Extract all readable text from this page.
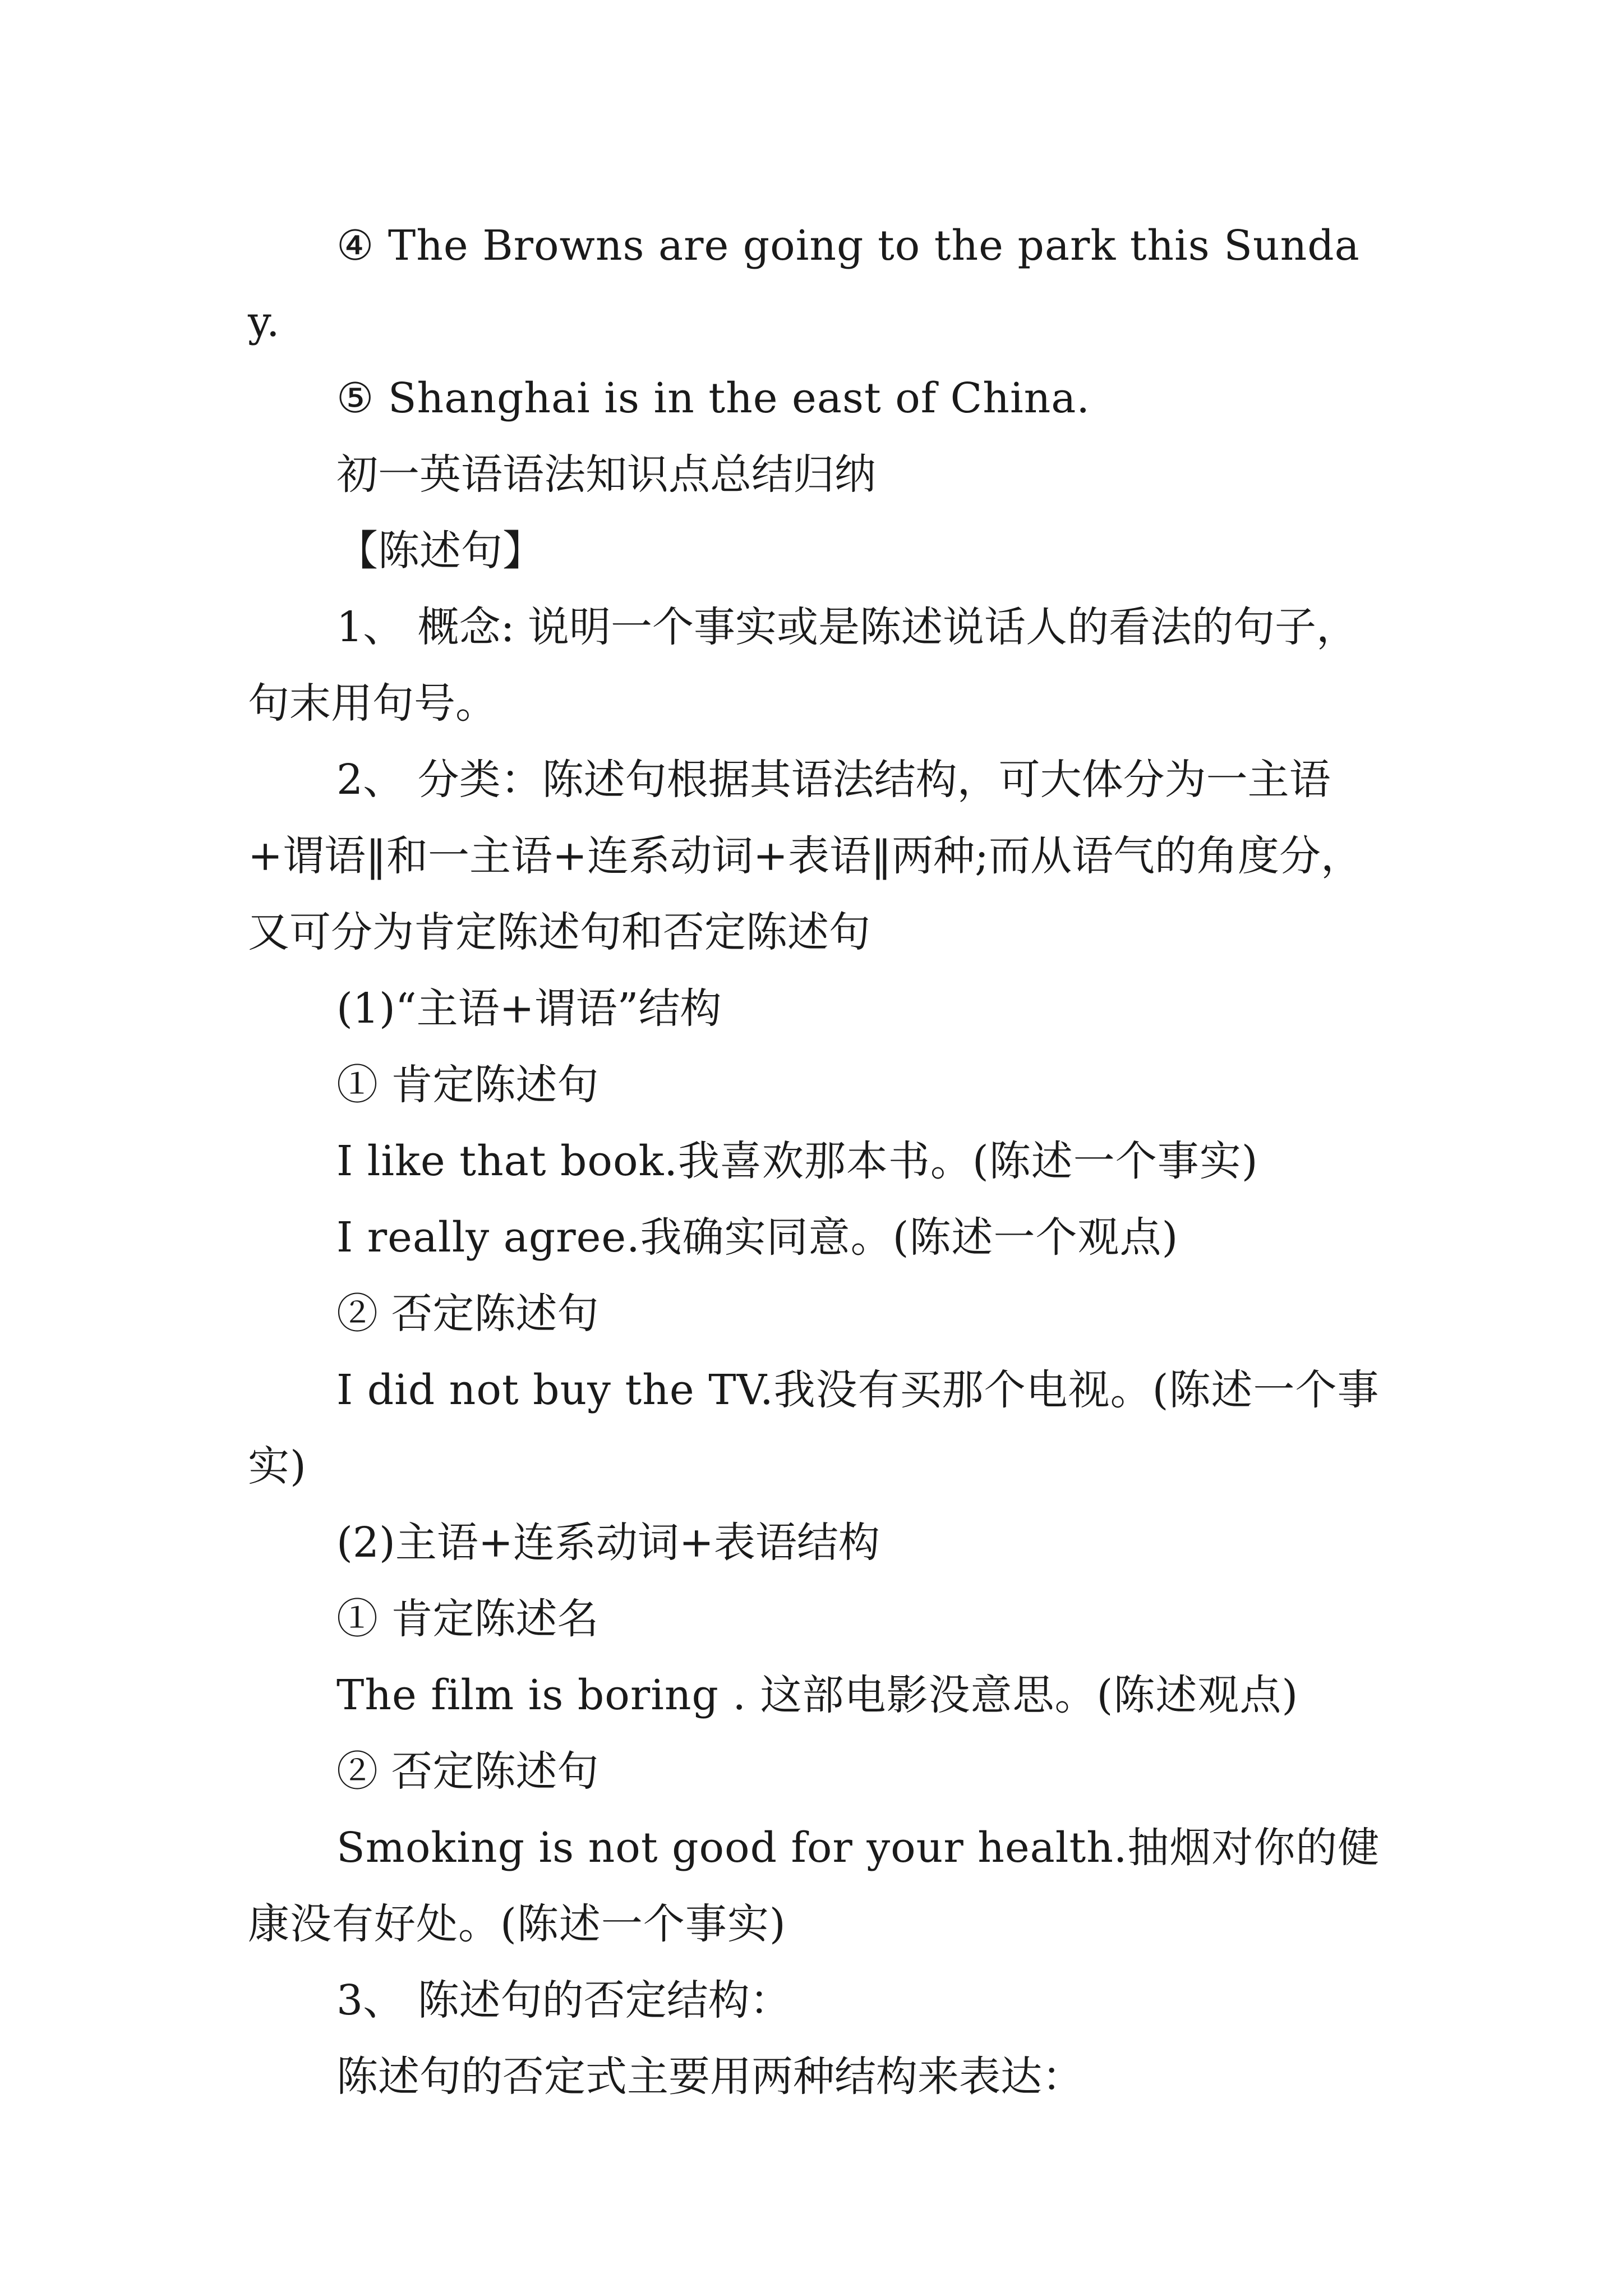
④ The Browns are going to the park this Sunday.

⑤ Shanghai is in the east of China.

初一英语语法知识点总结归纳

【陈述句】

1、 概念: 说明一个事实或是陈述说话人的看法的句子，句末用句号。

2、 分类：陈述句根据其语法结构，可大体分为一主语+谓语‖和一主语+连系动词+表语‖两种;而从语气的角度分，又可分为肯定陈述句和否定陈述句

(1)“主语+谓语”结构

① 肯定陈述句

I like that book.我喜欢那本书。(陈述一个事实)

I really agree.我确实同意。(陈述一个观点)

② 否定陈述句

I did not buy the TV.我没有买那个电视。(陈述一个事实)

(2)主语+连系动词+表语结构

① 肯定陈述名

The film is boring . 这部电影没意思。(陈述观点)

② 否定陈述句

Smoking is not good for your health.抽烟对你的健康没有好处。(陈述一个事实)

3、 陈述句的否定结构：

陈述句的否定式主要用两种结构来表达：
